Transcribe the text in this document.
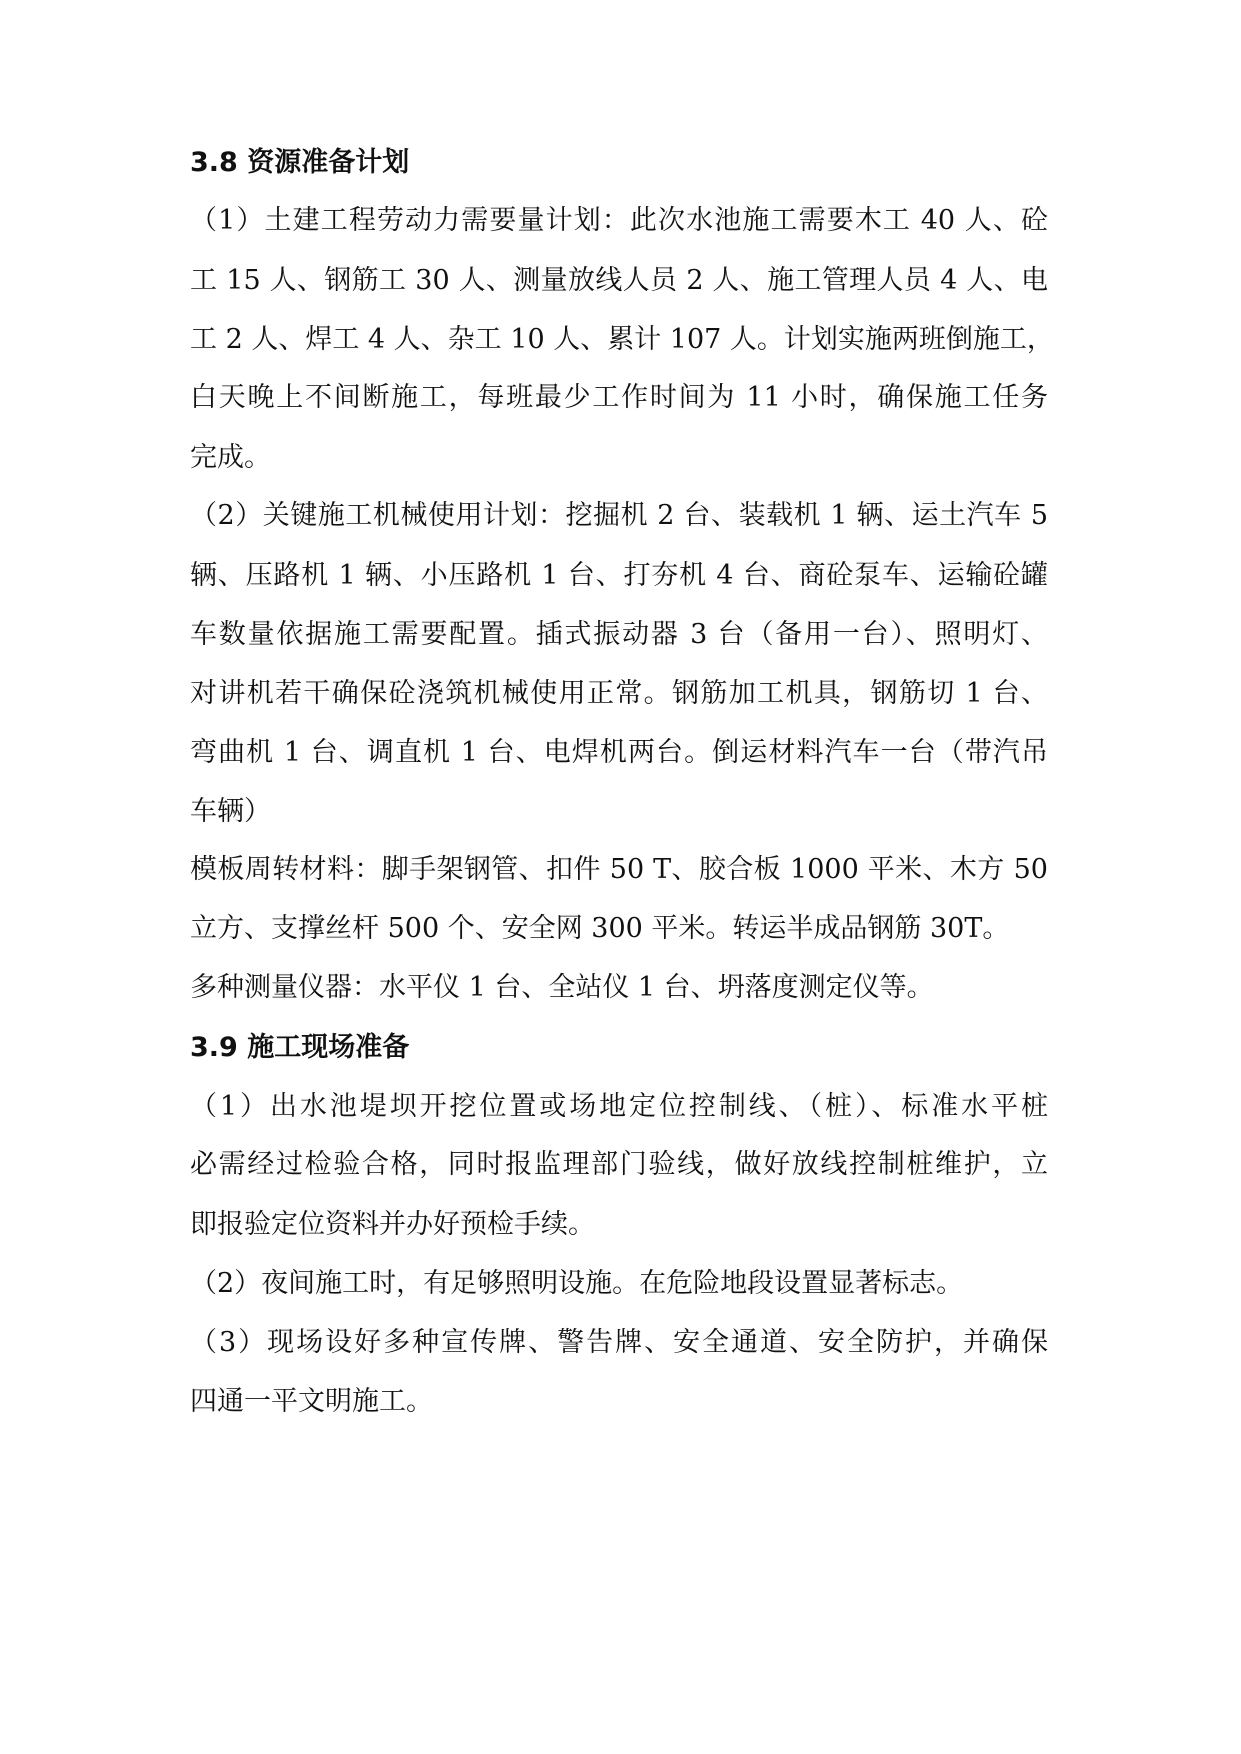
3.8 资源准备计划
（1）土建工程劳动力需要量计划：此次水池施工需要木工 40 人、砼
工 15 人、钢筋工 30 人、测量放线人员 2 人、施工管理人员 4 人、电
工 2 人、焊工 4 人、杂工 10 人、累计 107 人。计划实施两班倒施工，
白天晚上不间断施工，每班最少工作时间为 11 小时，确保施工任务
完成。
（2）关键施工机械使用计划：挖掘机 2 台、装载机 1 辆、运土汽车 5
辆、压路机 1 辆、小压路机 1 台、打夯机 4 台、商砼泵车、运输砼罐
车数量依据施工需要配置。插式振动器 3 台（备用一台）、照明灯、
对讲机若干确保砼浇筑机械使用正常。钢筋加工机具，钢筋切 1 台、
弯曲机 1 台、调直机 1 台、电焊机两台。倒运材料汽车一台（带汽吊
车辆）
模板周转材料：脚手架钢管、扣件 50 T、胶合板 1000 平米、木方 50
立方、支撑丝杆 500 个、安全网 300 平米。转运半成品钢筋 30T。
多种测量仪器：水平仪 1 台、全站仪 1 台、坍落度测定仪等。
3.9 施工现场准备
（1）出水池堤坝开挖位置或场地定位控制线、（桩）、标准水平桩
必需经过检验合格，同时报监理部门验线，做好放线控制桩维护，立
即报验定位资料并办好预检手续。
（2）夜间施工时，有足够照明设施。在危险地段设置显著标志。
（3）现场设好多种宣传牌、警告牌、安全通道、安全防护，并确保
四通一平文明施工。
